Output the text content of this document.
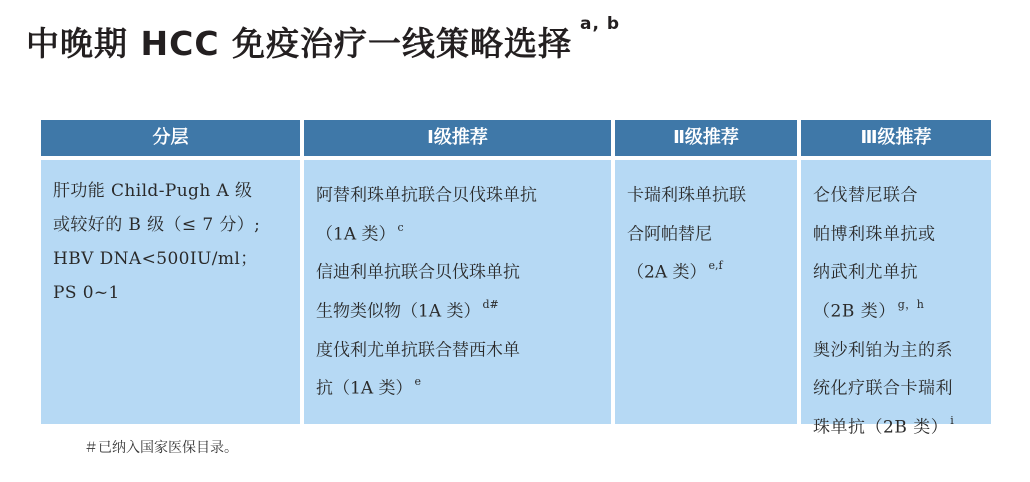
中晚期 HCC 免疫治疗一线策略选择 $^{a, b}$
分层
肝功能 Child-Pugh A 级
或较好的 B 级（≤ 7 分）;
HBV DNA<500IU/ml；
PS 0~1
Ⅰ级推荐
阿替利珠单抗联合贝伐珠单抗
（1A 类） $^c$
信迪利单抗联合贝伐珠单抗
生物类似物（1A 类） $^{d\#}$
度伐利尤单抗联合替西木单
抗（1A 类） $^e$
Ⅱ级推荐
卡瑞利珠单抗联
合阿帕替尼
（2A 类） $^{e,f}$
Ⅲ级推荐
仑伐替尼联合
帕博利珠单抗或
纳武利尤单抗
（2B 类） $^{g,h}$
奥沙利铂为主的系
统化疗联合卡瑞利
珠单抗（2B 类） $^i$
＃已纳入国家医保目录。
